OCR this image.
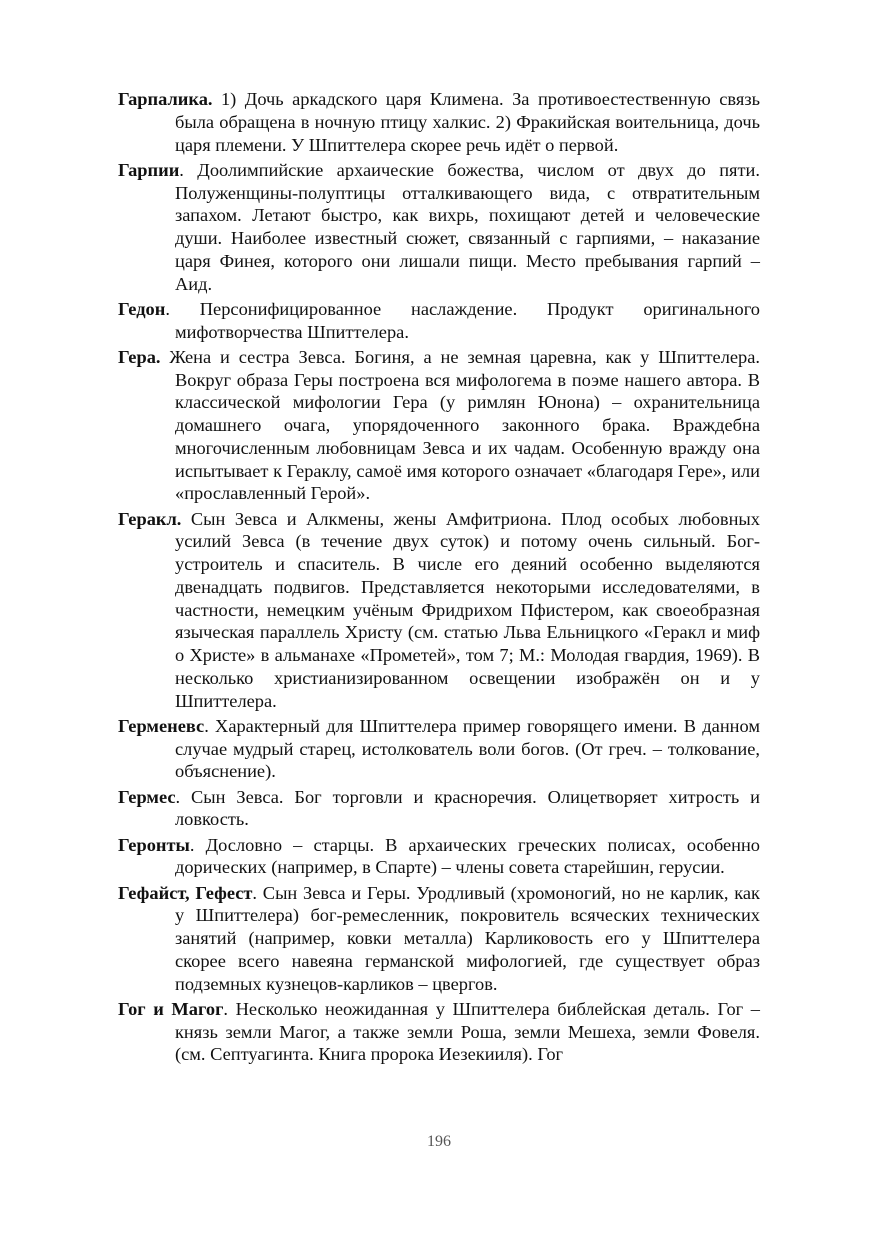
Гарпалика. 1) Дочь аркадского царя Климена. За противоестественную связь была обращена в ночную птицу халкис. 2) Фракийская воительница, дочь царя племени. У Шпиттелера скорее речь идёт о первой.

Гарпии. Доолимпийские архаические божества, числом от двух до пяти. Полуженщины-полуптицы отталкивающего вида, с отвратительным запахом. Летают быстро, как вихрь, похищают детей и человеческие души. Наиболее известный сюжет, связанный с гарпиями, – наказание царя Финея, которого они лишали пищи. Место пребывания гарпий – Аид.

Гедон. Персонифицированное наслаждение. Продукт оригинального мифотворчества Шпиттелера.

Гера. Жена и сестра Зевса. Богиня, а не земная царевна, как у Шпиттелера. Вокруг образа Геры построена вся мифологема в поэме нашего автора. В классической мифологии Гера (у римлян Юнона) – охранительница домашнего очага, упорядоченного законного брака. Враждебна многочисленным любовницам Зевса и их чадам. Особенную вражду она испытывает к Гераклу, самоё имя которого означает «благодаря Гере», или «прославленный Герой».

Геракл. Сын Зевса и Алкмены, жены Амфитриона. Плод особых любовных усилий Зевса (в течение двух суток) и потому очень сильный. Бог-устроитель и спаситель. В числе его деяний особенно выделяются двенадцать подвигов. Представляется некоторыми исследователями, в частности, немецким учёным Фридрихом Пфистером, как своеобразная языческая параллель Христу (см. статью Льва Ельницкого «Геракл и миф о Христе» в альманахе «Прометей», том 7; М.: Молодая гвардия, 1969). В несколько христианизированном освещении изображён он и у Шпиттелера.

Герменевс. Характерный для Шпиттелера пример говорящего имени. В данном случае мудрый старец, истолкователь воли богов. (От греч. – толкование, объяснение).

Гермес. Сын Зевса. Бог торговли и красноречия. Олицетворяет хитрость и ловкость.

Геронты. Дословно – старцы. В архаических греческих полисах, особенно дорических (например, в Спарте) – члены совета старейшин, герусии.

Гефайст, Гефест. Сын Зевса и Геры. Уродливый (хромоногий, но не карлик, как у Шпиттелера) бог-ремесленник, покровитель всяческих технических занятий (например, ковки металла) Карликовость его у Шпиттелера скорее всего навеяна германской мифологией, где существует образ подземных кузнецов-карликов – цвергов.

Гог и Магог. Несколько неожиданная у Шпиттелера библейская деталь. Гог – князь земли Магог, а также земли Роша, земли Мешеха, земли Фовеля. (см. Септуагинта. Книга пророка Иезекииля). Гог

196
